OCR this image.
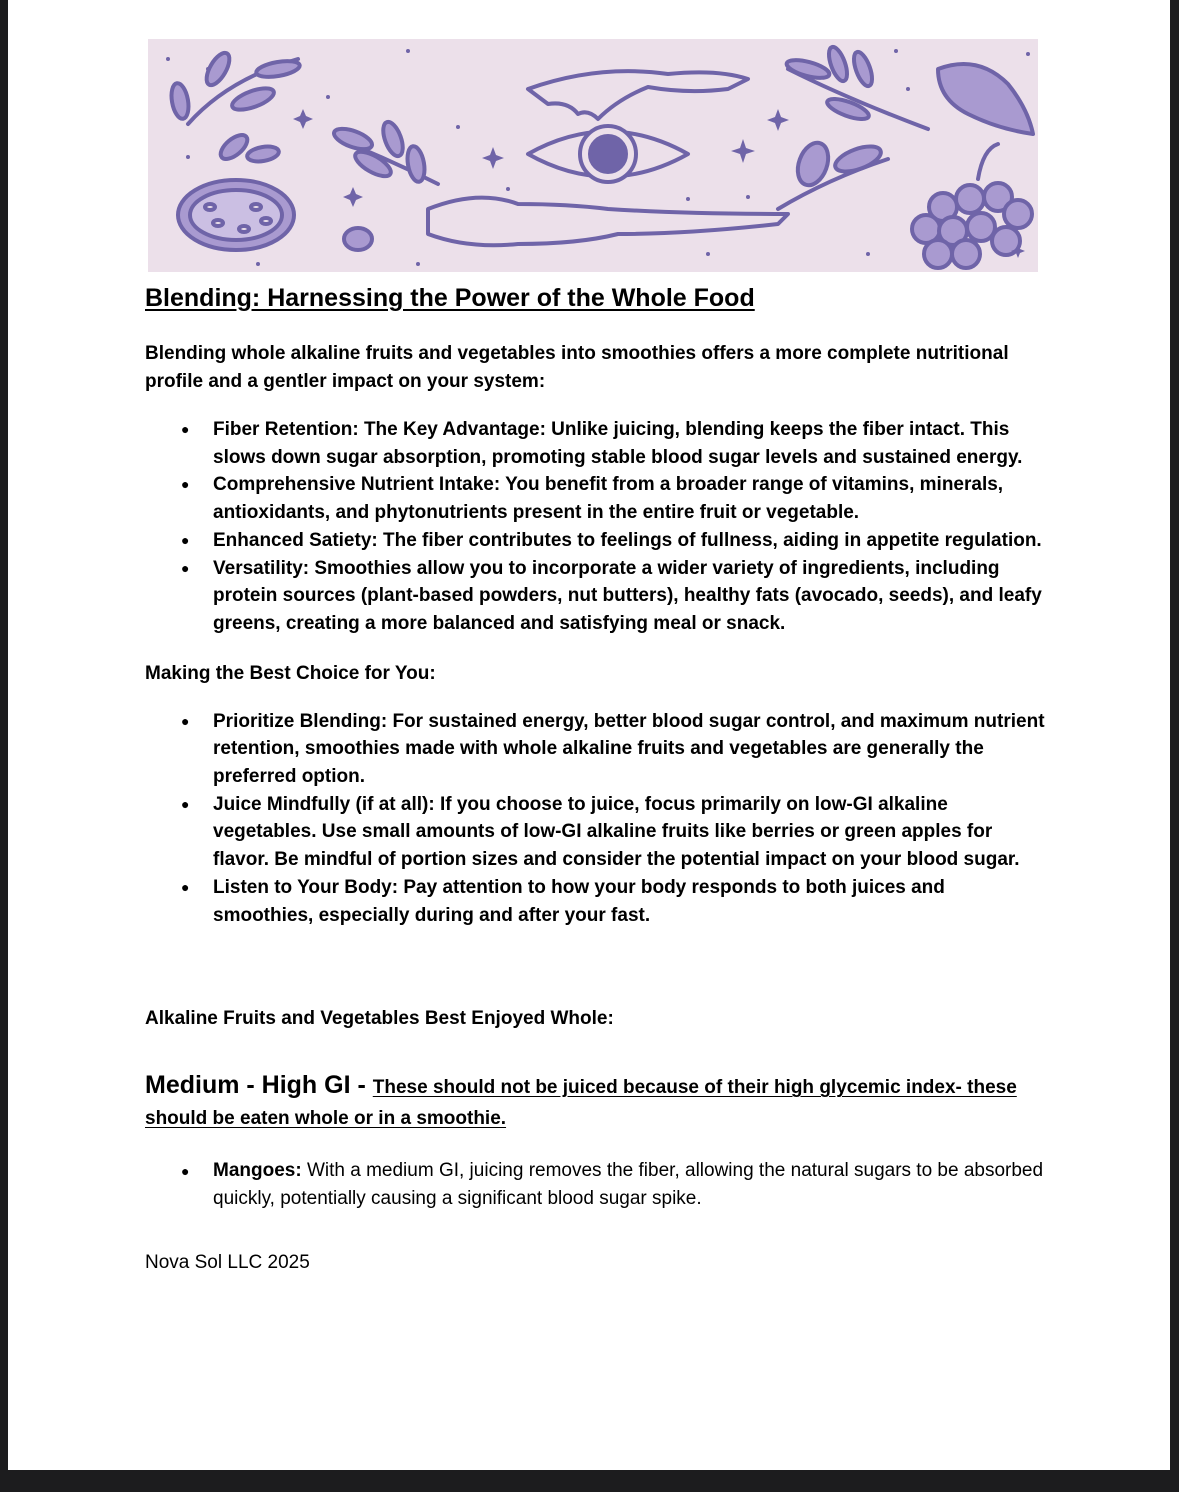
Blending: Harnessing the Power of the Whole Food

Blending whole alkaline fruits and vegetables into smoothies offers a more complete nutritional profile and a gentler impact on your system:

● Fiber Retention: The Key Advantage: Unlike juicing, blending keeps the fiber intact. This slows down sugar absorption, promoting stable blood sugar levels and sustained energy.
● Comprehensive Nutrient Intake: You benefit from a broader range of vitamins, minerals, antioxidants, and phytonutrients present in the entire fruit or vegetable.
● Enhanced Satiety: The fiber contributes to feelings of fullness, aiding in appetite regulation.
● Versatility: Smoothies allow you to incorporate a wider variety of ingredients, including protein sources (plant-based powders, nut butters), healthy fats (avocado, seeds), and leafy greens, creating a more balanced and satisfying meal or snack.

Making the Best Choice for You:

● Prioritize Blending: For sustained energy, better blood sugar control, and maximum nutrient retention, smoothies made with whole alkaline fruits and vegetables are generally the preferred option.
● Juice Mindfully (if at all): If you choose to juice, focus primarily on low-GI alkaline vegetables. Use small amounts of low-GI alkaline fruits like berries or green apples for flavor. Be mindful of portion sizes and consider the potential impact on your blood sugar.
● Listen to Your Body: Pay attention to how your body responds to both juices and smoothies, especially during and after your fast.

Alkaline Fruits and Vegetables Best Enjoyed Whole:

Medium - High GI - These should not be juiced because of their high glycemic index- these should be eaten whole or in a smoothie.
● Mangoes: With a medium GI, juicing removes the fiber, allowing the natural sugars to be absorbed quickly, potentially causing a significant blood sugar spike.
Nova Sol LLC 2025
